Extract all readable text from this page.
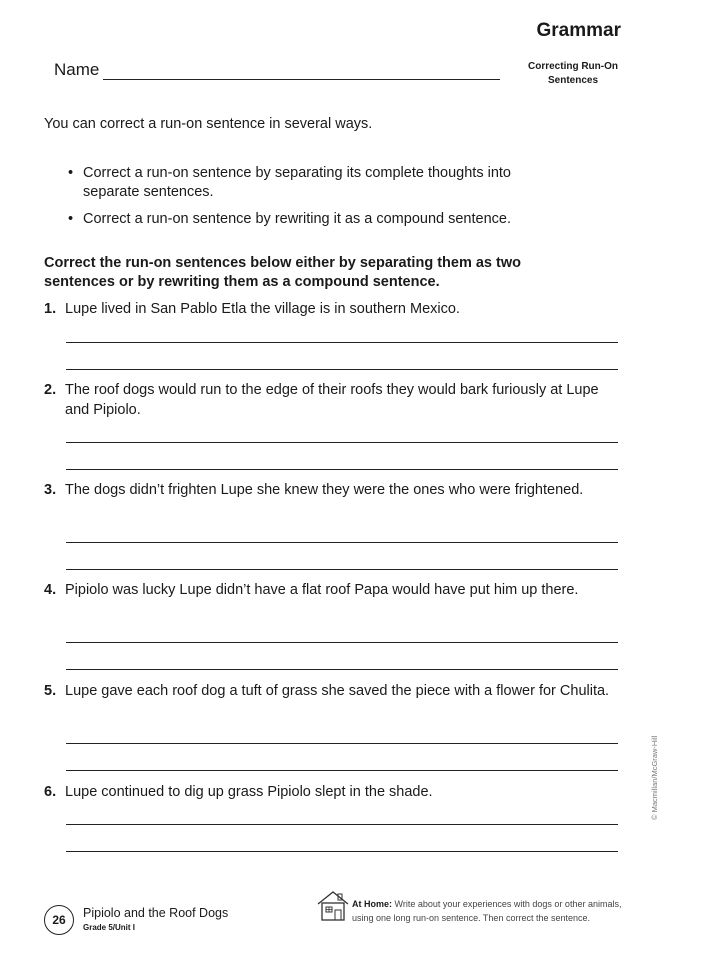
Grammar
Correcting Run-On
Sentences
Name
You can correct a run-on sentence in several ways.
• Correct a run-on sentence by separating its complete thoughts into separate sentences.
• Correct a run-on sentence by rewriting it as a compound sentence.
Correct the run-on sentences below either by separating them as two sentences or by rewriting them as a compound sentence.
1. Lupe lived in San Pablo Etla the village is in southern Mexico.
2. The roof dogs would run to the edge of their roofs they would bark furiously at Lupe and Pipiolo.
3. The dogs didn’t frighten Lupe she knew they were the ones who were frightened.
4. Pipiolo was lucky Lupe didn’t have a flat roof Papa would have put him up there.
5. Lupe gave each roof dog a tuft of grass she saved the piece with a flower for Chulita.
6. Lupe continued to dig up grass Pipiolo slept in the shade.	© Macmillan/McGraw-Hill
26	Pipiolo and the Roof Dogs
Grade 5/Unit I
At Home: Write about your experiences with dogs or other animals, using one long run-on sentence. Then correct the sentence.
